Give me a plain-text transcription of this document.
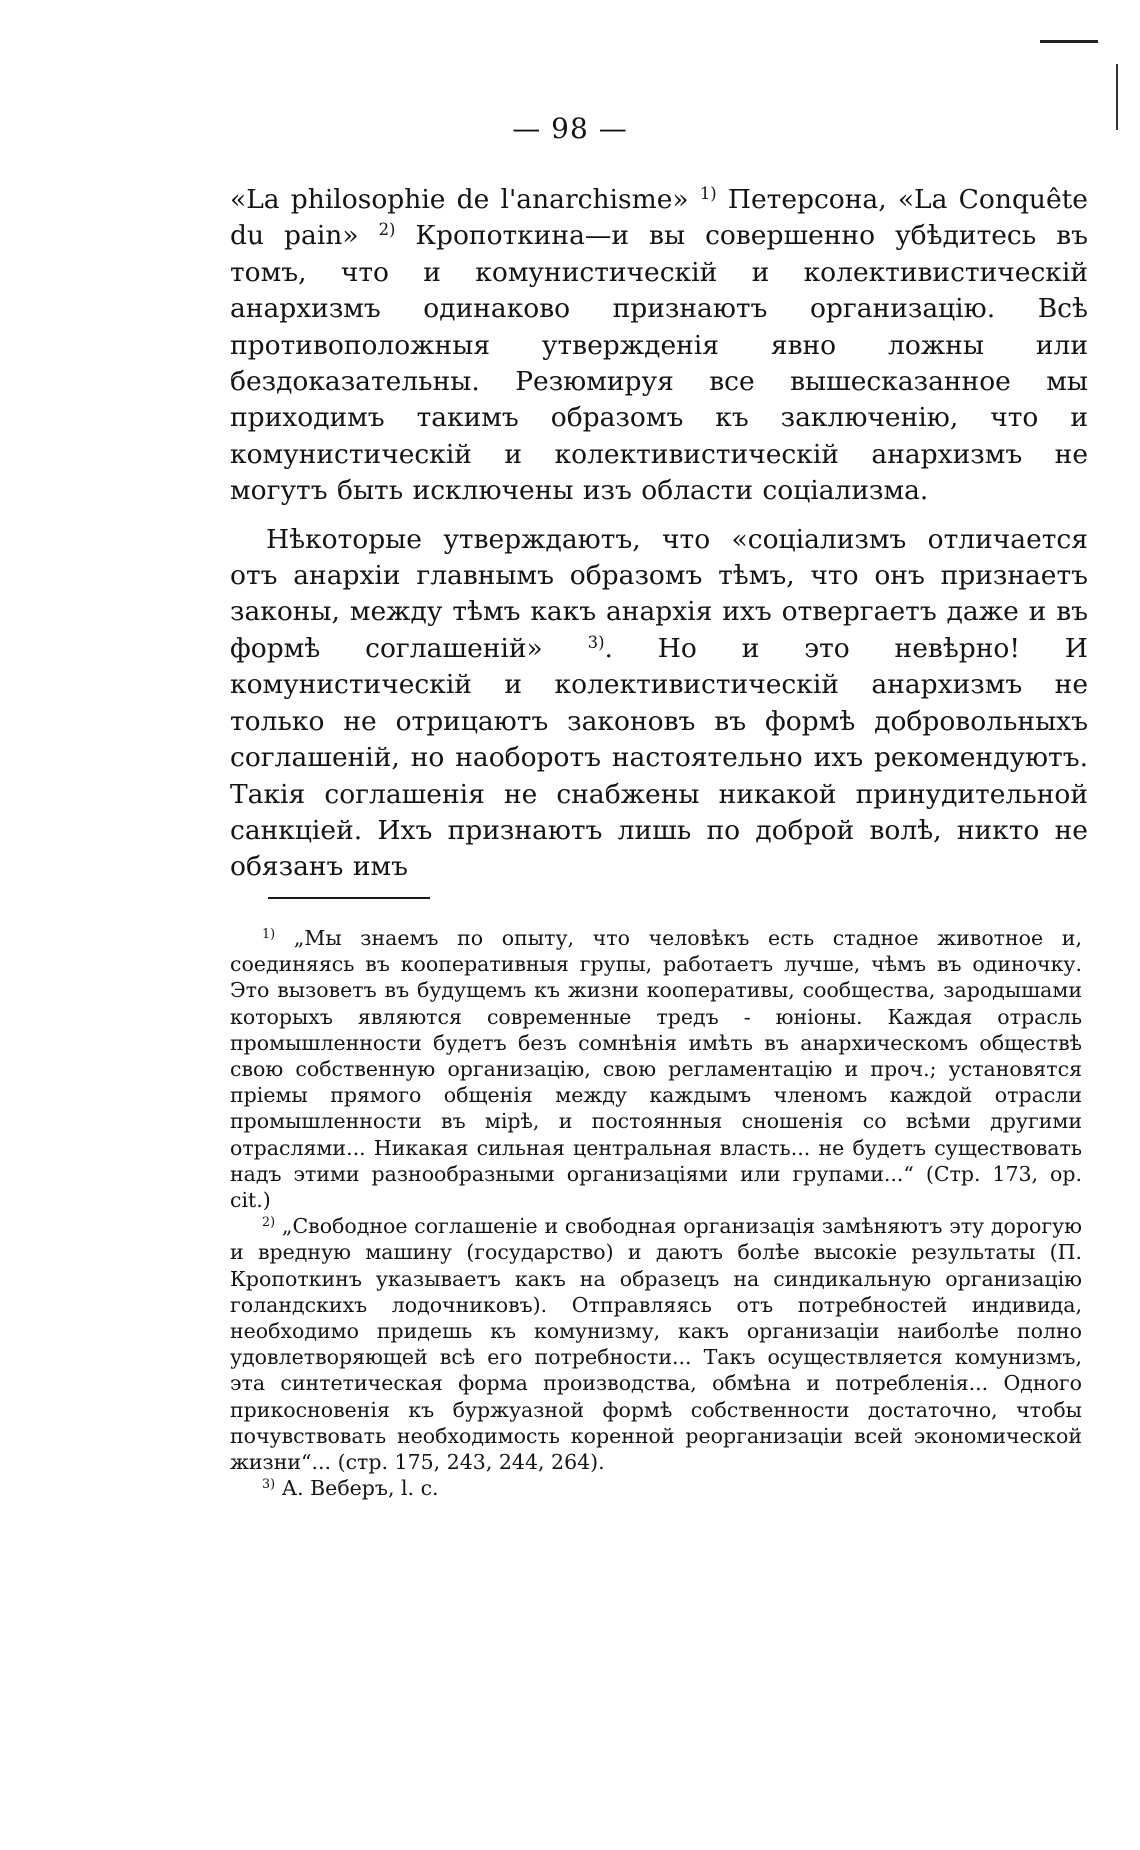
— 98 —

«La philosophie de l'anarchisme» $^{1)}$ Петерсона, «La Conquête du pain» $^{2)}$ Кропоткина—и вы совершенно убѣдитесь въ томъ, что и комунистическій и колективистическій анархизмъ одинаково признаютъ организацію. Всѣ противоположныя утвержденія явно ложны или бездоказательны. Резюмируя все вышесказанное мы приходимъ такимъ образомъ къ заключенію, что и комунистическій и колективистическій анархизмъ не могутъ быть исключены изъ области соціализма.

Нѣкоторые утверждаютъ, что «соціализмъ отличается отъ анархіи главнымъ образомъ тѣмъ, что онъ признаетъ законы, между тѣмъ какъ анархія ихъ отвергаетъ даже и въ формѣ соглашеній» $^{3)}$. Но и это невѣрно! И комунистическій и колективистическій анархизмъ не только не отрицаютъ законовъ въ формѣ добровольныхъ соглашеній, но наоборотъ настоятельно ихъ рекомендуютъ. Такія соглашенія не снабжены никакой принудительной санкціей. Ихъ признаютъ лишь по доброй волѣ, никто не обязанъ имъ

$^{1)}$ „Мы знаемъ по опыту, что человѣкъ есть стадное животное и, соединяясь въ кооперативныя групы, работаетъ лучше, чѣмъ въ одиночку. Это вызоветъ въ будущемъ къ жизни кооперативы, сообщества, зародышами которыхъ являются современные тредъ - юніоны. Каждая отрасль промышленности будетъ безъ сомнѣнія имѣть въ анархическомъ обществѣ свою собственную организацію, свою регламентацію и проч.; установятся пріемы прямого общенія между каждымъ членомъ каждой отрасли промышленности въ мірѣ, и постоянныя сношенія со всѣми другими отраслями... Никакая сильная центральная власть... не будетъ существовать надъ этими разнообразными организаціями или групами...“ (Стр. 173, op. cit.)

$^{2)}$ „Свободное соглашеніе и свободная организація замѣняютъ эту дорогую и вредную машину (государство) и даютъ болѣе высокіе результаты (П. Кропоткинъ указываетъ какъ на образецъ на синдикальную организацію голандскихъ лодочниковъ). Отправляясь отъ потребностей индивида, необходимо придешь къ комунизму, какъ организаціи наиболѣе полно удовлетворяющей всѣ его потребности... Такъ осуществляется комунизмъ, эта синтетическая форма производства, обмѣна и потребленія... Одного прикосновенія къ буржуазной формѣ собственности достаточно, чтобы почувствовать необходимость коренной реорганизаціи всей экономической жизни“... (стр. 175, 243, 244, 264).

$^{3)}$ А. Веберъ, l. c.
